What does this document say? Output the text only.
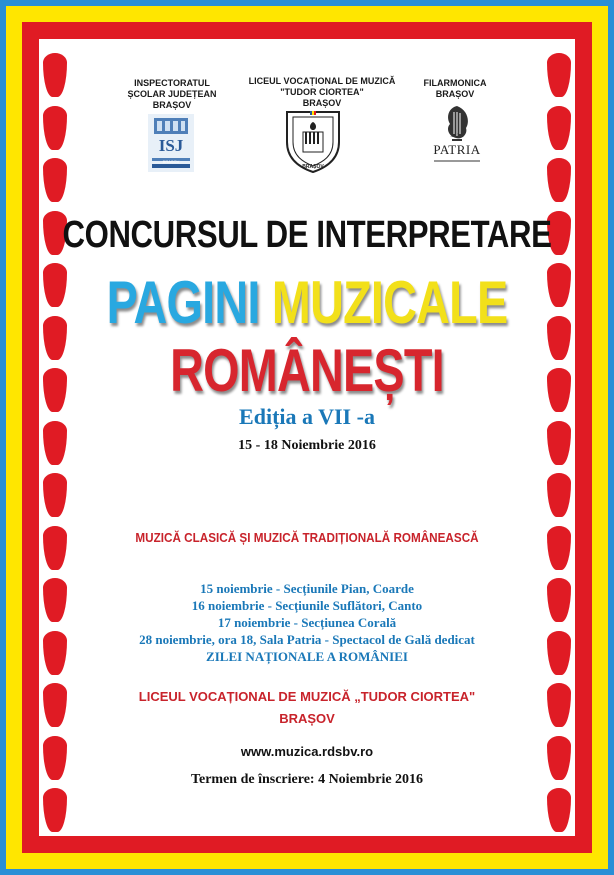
INSPECTORATUL
ȘCOLAR JUDEȚEAN
BRAȘOV
ISJ
BRAȘOV
LICEUL VOCAȚIONAL DE MUZICĂ
"TUDOR CIORTEA"
BRAȘOV
BRAȘOV
FILARMONICA
BRAȘOV
SALA
PATRIA
CONCURSUL DE INTERPRETARE
PAGINI MUZICALE
ROMÂNEȘTI
Ediția a VII -a
15 - 18 Noiembrie 2016
MUZICĂ CLASICĂ ȘI MUZICĂ TRADIȚIONALĂ ROMÂNEASCĂ
15 noiembrie - Secțiunile Pian, Coarde
16 noiembrie - Secțiunile Suflători, Canto
17 noiembrie - Secțiunea Corală
28 noiembrie, ora 18, Sala Patria - Spectacol de Gală dedicat
ZILEI NAȚIONALE A ROMÂNIEI
LICEUL VOCAȚIONAL DE MUZICĂ „TUDOR CIORTEA"
BRAȘOV
www.muzica.rdsbv.ro
Termen de înscriere: 4 Noiembrie 2016
